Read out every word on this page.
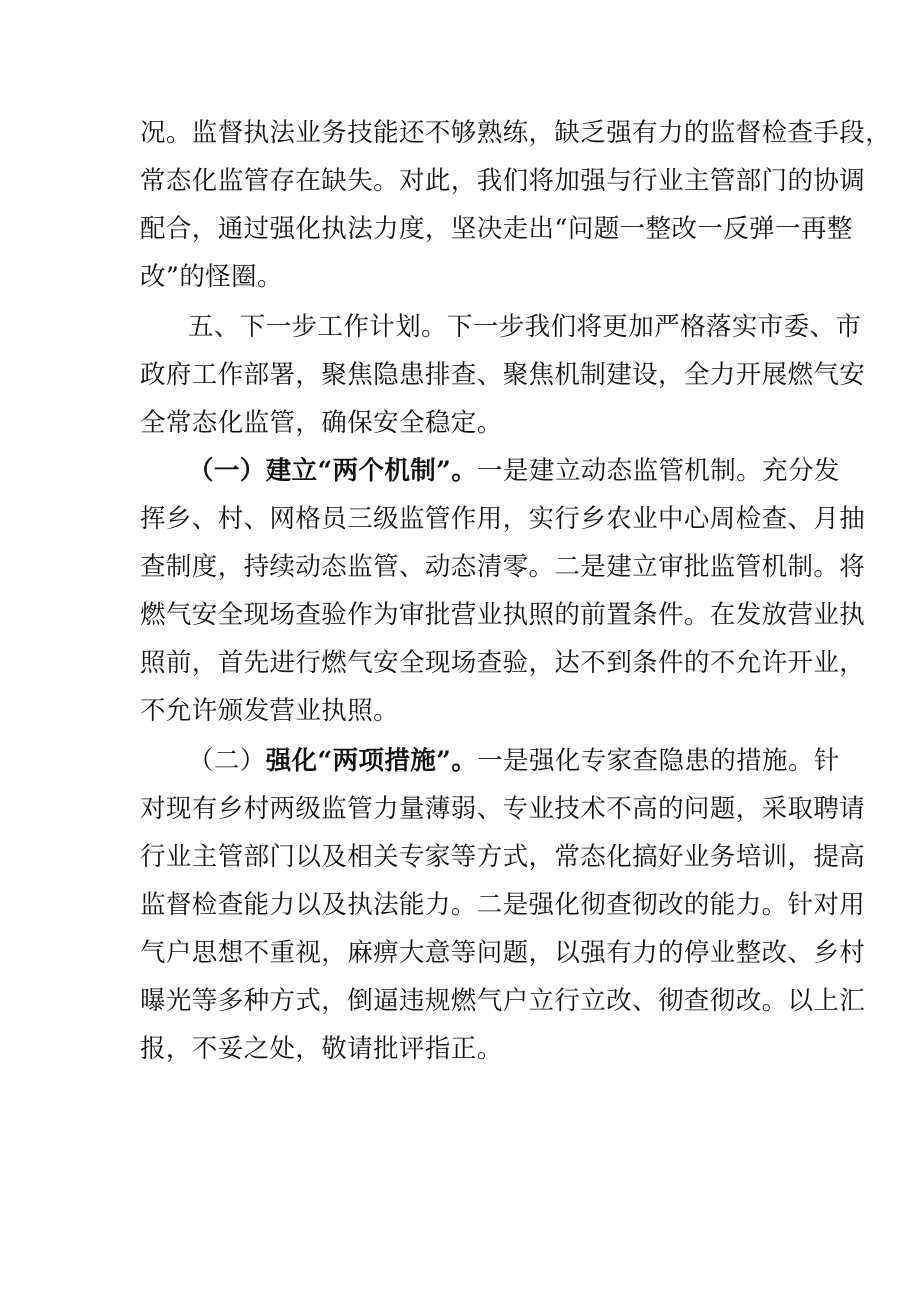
况。监督执法业务技能还不够熟练，缺乏强有力的监督检查手段，
常态化监管存在缺失。对此，我们将加强与行业主管部门的协调
配合，通过强化执法力度，坚决走出“问题一整改一反弹一再整
改”的怪圈。
五、下一步工作计划。下一步我们将更加严格落实市委、市
政府工作部署，聚焦隐患排查、聚焦机制建设，全力开展燃气安
全常态化监管，确保安全稳定。
（一）建立“两个机制”。一是建立动态监管机制。充分发
挥乡、村、网格员三级监管作用，实行乡农业中心周检查、月抽
查制度，持续动态监管、动态清零。二是建立审批监管机制。将
燃气安全现场查验作为审批营业执照的前置条件。在发放营业执
照前，首先进行燃气安全现场查验，达不到条件的不允许开业，
不允许颁发营业执照。
（二）强化“两项措施”。一是强化专家查隐患的措施。针
对现有乡村两级监管力量薄弱、专业技术不高的问题，采取聘请
行业主管部门以及相关专家等方式，常态化搞好业务培训，提高
监督检查能力以及执法能力。二是强化彻查彻改的能力。针对用
气户思想不重视，麻痹大意等问题，以强有力的停业整改、乡村
曝光等多种方式，倒逼违规燃气户立行立改、彻查彻改。以上汇
报，不妥之处，敬请批评指正。
